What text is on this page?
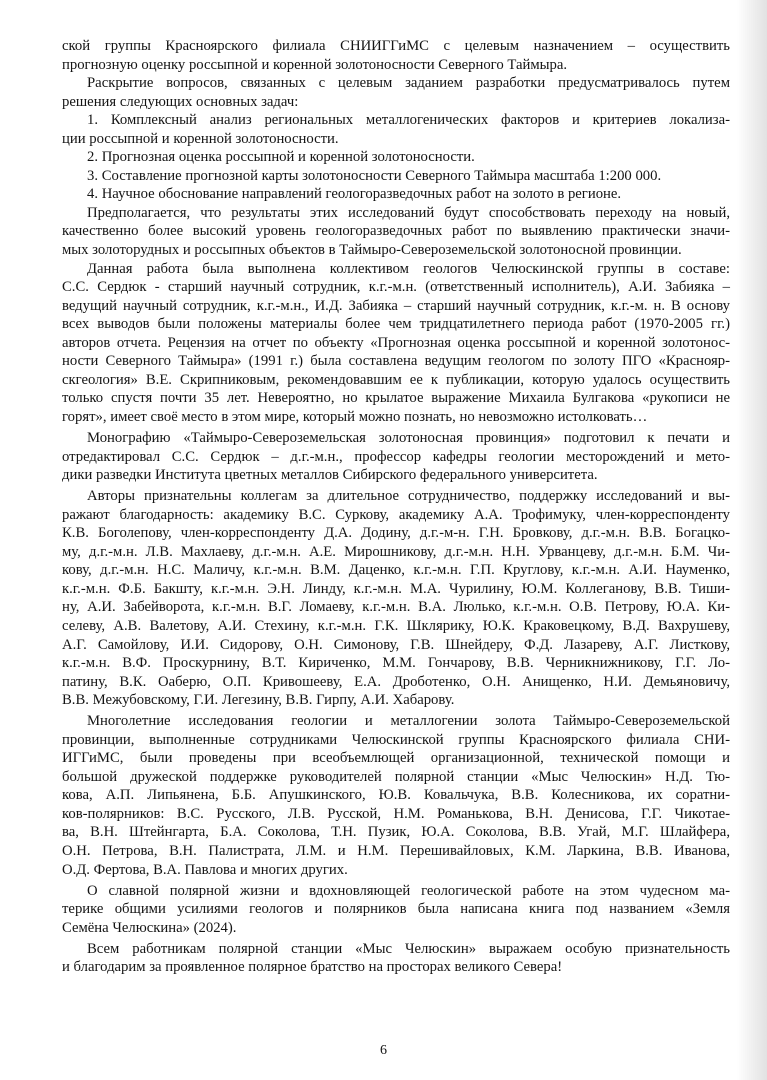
ской группы Красноярского филиала СНИИГГиМС с целевым назначением – осуществить
прогнозную оценку россыпной и коренной золотоносности Северного Таймыра.

Раскрытие вопросов, связанных с целевым заданием разработки предусматривалось путем
решения следующих основных задач:

1. Комплексный анализ региональных металлогенических факторов и критериев локализа-
ции россыпной и коренной золотоносности.

2. Прогнозная оценка россыпной и коренной золотоносности.

3. Составление прогнозной карты золотоносности Северного Таймыра масштаба 1:200 000.

4. Научное обоснование направлений геологоразведочных работ на золото в регионе.

Предполагается, что результаты этих исследований будут способствовать переходу на новый,
качественно более высокий уровень геологоразведочных работ по выявлению практически значи-
мых золоторудных и россыпных объектов в Таймыро-Североземельской золотоносной провинции.

Данная работа была выполнена коллективом геологов Челюскинской группы в составе:
С.С. Сердюк - старший научный сотрудник, к.г.-м.н. (ответственный исполнитель), А.И. Забияка –
ведущий научный сотрудник, к.г.-м.н., И.Д. Забияка – старший научный сотрудник, к.г.-м. н. В основу
всех выводов были положены материалы более чем тридцатилетнего периода работ (1970-2005 гг.)
авторов отчета. Рецензия на отчет по объекту «Прогнозная оценка россыпной и коренной золотонос-
ности Северного Таймыра» (1991 г.) была составлена ведущим геологом по золоту ПГО «Краснояр-
скгеология» В.Е. Скрипниковым, рекомендовавшим ее к публикации, которую удалось осуществить
только спустя почти 35 лет. Невероятно, но крылатое выражение Михаила Булгакова «рукописи не
горят», имеет своё место в этом мире, который можно познать, но невозможно истолковать…

Монографию «Таймыро-Североземельская золотоносная провинция» подготовил к печати и
отредактировал С.С. Сердюк – д.г.-м.н., профессор кафедры геологии месторождений и мето-
дики разведки Института цветных металлов Сибирского федерального университета.

Авторы признательны коллегам за длительное сотрудничество, поддержку исследований и вы-
ражают благодарность: академику В.С. Суркову, академику А.А. Трофимуку, член-корреспонденту
К.В. Боголепову, член-корреспонденту Д.А. Додину, д.г.-м-н. Г.Н. Бровкову, д.г.-м.н. В.В. Богацко-
му, д.г.-м.н. Л.В. Махлаеву, д.г.-м.н. А.Е. Мирошникову, д.г.-м.н. Н.Н. Урванцеву, д.г.-м.н. Б.М. Чи-
кову, д.г.-м.н. Н.С. Маличу, к.г.-м.н. В.М. Даценко, к.г.-м.н. Г.П. Круглову, к.г.-м.н. А.И. Науменко,
к.г.-м.н. Ф.Б. Бакшту, к.г.-м.н. Э.Н. Линду, к.г.-м.н. М.А. Чурилину, Ю.М. Коллеганову, В.В. Тиши-
ну, А.И. Забейворота, к.г.-м.н. В.Г. Ломаеву, к.г.-м.н. В.А. Люлько, к.г.-м.н. О.В. Петрову, Ю.А. Ки-
селеву, А.В. Валетову, А.И. Стехину, к.г.-м.н. Г.К. Шклярику, Ю.К. Краковецкому, В.Д. Вахрушеву,
А.Г. Самойлову, И.И. Сидорову, О.Н. Симонову, Г.В. Шнейдеру, Ф.Д. Лазареву, А.Г. Листкову,
к.г.-м.н. В.Ф. Проскурнину, В.Т. Кириченко, М.М. Гончарову, В.В. Черникнижникову, Г.Г. Ло-
патину, В.К. Оаберю, О.П. Кривошееву, Е.А. Дроботенко, О.Н. Анищенко, Н.И. Демьяновичу,
В.В. Межубовскому, Г.И. Легезину, В.В. Гирпу, А.И. Хабарову.

Многолетние исследования геологии и металлогении золота Таймыро-Североземельской
провинции, выполненные сотрудниками Челюскинской группы Красноярского филиала СНИ-
ИГГиМС, были проведены при всеобъемлющей организационной, технической помощи и
большой дружеской поддержке руководителей полярной станции «Мыс Челюскин» Н.Д. Тю-
кова, А.П. Липьянена, Б.Б. Апушкинского, Ю.В. Ковальчука, В.В. Колесникова, их соратни-
ков-полярников: В.С. Русского, Л.В. Русской, Н.М. Романькова, В.Н. Денисова, Г.Г. Чикотае-
ва, В.Н. Штейнгарта, Б.А. Соколова, Т.Н. Пузик, Ю.А. Соколова, В.В. Угай, М.Г. Шлайфера,
О.Н. Петрова, В.Н. Палистрата, Л.М. и Н.М. Перешивайловых, К.М. Ларкина, В.В. Иванова,
О.Д. Фертова, В.А. Павлова и многих других.

О славной полярной жизни и вдохновляющей геологической работе на этом чудесном ма-
терике общими усилиями геологов и полярников была написана книга под названием «Земля
Семёна Челюскина» (2024).

Всем работникам полярной станции «Мыс Челюскин» выражаем особую признательность
и благодарим за проявленное полярное братство на просторах великого Севера!

6
